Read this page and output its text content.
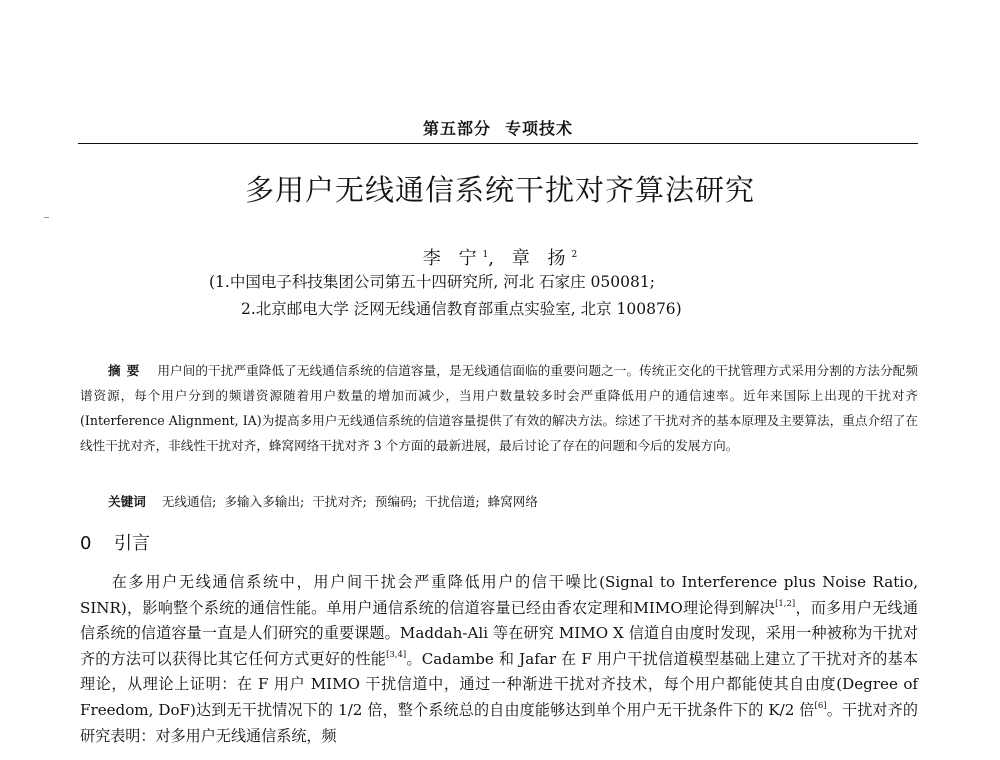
第五部分 专项技术
多用户无线通信系统干扰对齐算法研究
李 宁$^1$, 章 扬$^2$
(1.中国电子科技集团公司第五十四研究所, 河北 石家庄 050081;
2.北京邮电大学 泛网无线通信教育部重点实验室, 北京 100876)
摘要 用户间的干扰严重降低了无线通信系统的信道容量，是无线通信面临的重要问题之一。传统正交化的干扰管理方式采用分割的方法分配频谱资源，每个用户分到的频谱资源随着用户数量的增加而减少，当用户数量较多时会严重降低用户的通信速率。近年来国际上出现的干扰对齐(Interference Alignment, IA)为提高多用户无线通信系统的信道容量提供了有效的解决方法。综述了干扰对齐的基本原理及主要算法，重点介绍了在线性干扰对齐，非线性干扰对齐，蜂窝网络干扰对齐 3 个方面的最新进展，最后讨论了存在的问题和今后的发展方向。
关键词 无线通信; 多输入多输出; 干扰对齐; 预编码; 干扰信道; 蜂窝网络
0 引言
在多用户无线通信系统中，用户间干扰会严重降低用户的信干噪比(Signal to Interference plus Noise Ratio, SINR)，影响整个系统的通信性能。单用户通信系统的信道容量已经由香农定理和MIMO理论得到解决[1,2]，而多用户无线通信系统的信道容量一直是人们研究的重要课题。Maddah-Ali 等在研究 MIMO X 信道自由度时发现，采用一种被称为干扰对齐的方法可以获得比其它任何方式更好的性能[3,4]。Cadambe 和 Jafar 在 F 用户干扰信道模型基础上建立了干扰对齐的基本理论，从理论上证明：在 F 用户 MIMO 干扰信道中，通过一种渐进干扰对齐技术，每个用户都能使其自由度(Degree of Freedom, DoF)达到无干扰情况下的 1/2 倍，整个系统总的自由度能够达到单个用户无干扰条件下的 K/2 倍[6]。干扰对齐的研究表明：对多用户无线通信系统，频
